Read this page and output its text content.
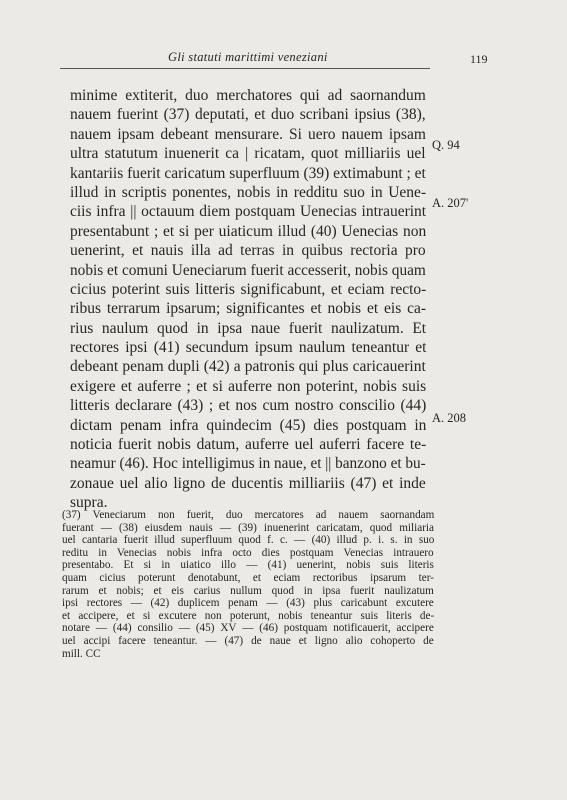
Gli statuti marittimi veneziani	119
minime extiterit, duo merchatores qui ad saornandum
nauem fuerint (37) deputati, et duo scribani ipsius (38),
nauem ipsam debeant mensurare. Si uero nauem ipsam
ultra statutum inuenerit ca | ricatam, quot milliariis uel
kantariis fuerit caricatum superfluum (39) extimabunt ; et
illud in scriptis ponentes, nobis in redditu suo in Uene-
ciis infra || octauum diem postquam Uenecias intrauerint
presentabunt ; et si per uiaticum illud (40) Uenecias non
uenerint, et nauis illa ad terras in quibus rectoria pro
nobis et comuni Ueneciarum fuerit accesserit, nobis quam
cicius poterint suis litteris significabunt, et eciam recto-
ribus terrarum ipsarum; significantes et nobis et eis ca-
rius naulum quod in ipsa naue fuerit naulizatum. Et
rectores ipsi (41) secundum ipsum naulum teneantur et
debeant penam dupli (42) a patronis qui plus caricauerint
exigere et auferre ; et si auferre non poterint, nobis suis
litteris declarare (43) ; et nos cum nostro conscilio (44)
dictam penam infra quindecim (45) dies postquam in
noticia fuerit nobis datum, auferre uel auferri facere te-
neamur (46). Hoc intelligimus in naue, et || banzono et bu-
zonaue uel alio ligno de ducentis milliariis (47) et inde
supra.
Q. 94
A. 207'
A. 208
(37) Veneciarum non fuerit, duo mercatores ad nauem saornandam
fuerant — (38) eiusdem nauis — (39) inuenerint caricatam, quod miliaria
uel cantaria fuerit illud superfluum quod f. c. — (40) illud p. i. s. in suo
reditu in Venecias nobis infra octo dies postquam Venecias intrauero
presentabo. Et si in uiatico illo — (41) uenerint, nobis suis literis
quam cicius poterunt denotabunt, et eciam rectoribus ipsarum ter-
rarum et nobis; et eis carius nullum quod in ipsa fuerit naulizatum
ipsi rectores — (42) duplicem penam — (43) plus caricabunt excutere
et accipere, et si excutere non poterunt, nobis teneantur suis literis de-
notare — (44) consilio — (45) XV — (46) postquam notificauerit, accipere
uel accipi facere teneantur. — (47) de naue et ligno alio cohoperto de
mill. CC
